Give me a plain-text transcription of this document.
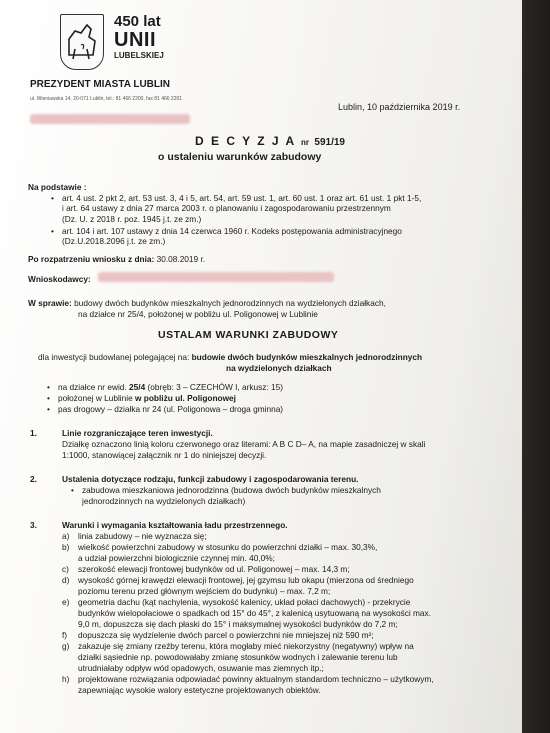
450 lat
UNII
LUBELSKIEJ
PREZYDENT MIASTA LUBLIN
ul. Wieniawska 14, 20-071 Lublin, tel.: 81 466 2200, fax 81 466 2201
Lublin, 10 października 2019 r.
D E C Y Z J A nr 591/19
o ustaleniu warunków zabudowy
Na podstawie :
• art. 4 ust. 2 pkt 2, art. 53 ust. 3, 4 i 5, art. 54, art. 59 ust. 1, art. 60 ust. 1 oraz art. 61 ust. 1 pkt 1-5,
i art. 64 ustawy z dnia 27 marca 2003 r. o planowaniu i zagospodarowaniu przestrzennym
(Dz. U. z 2018 r. poz. 1945 j.t. ze zm.)
• art. 104 i art. 107 ustawy z dnia 14 czerwca 1960 r. Kodeks postępowania administracyjnego
(Dz.U.2018.2096 j.t. ze zm.)
Po rozpatrzeniu wniosku z dnia: 30.08.2019 r.
Wnioskodawcy:
W sprawie: budowy dwóch budynków mieszkalnych jednorodzinnych na wydzielonych działkach,
na działce nr 25/4, położonej w pobliżu ul. Poligonowej w Lublinie
USTALAM WARUNKI ZABUDOWY
dla inwestycji budowlanej polegającej na: budowie dwóch budynków mieszkalnych jednorodzinnych
na wydzielonych działkach
• na działce nr ewid. 25/4 (obręb: 3 – CZECHÓW I, arkusz: 15)
• położonej w Lublinie w pobliżu ul. Poligonowej
• pas drogowy – działka nr 24 (ul. Poligonowa – droga gminna)
1.	Linie rozgraniczające teren inwestycji.
Działkę oznaczono linią koloru czerwonego oraz literami: A B C D– A, na mapie zasadniczej w skali
1:1000, stanowiącej załącznik nr 1 do niniejszej decyzji.
2.	Ustalenia dotyczące rodzaju, funkcji zabudowy i zagospodarowania terenu.
• zabudowa mieszkaniowa jednorodzinna (budowa dwóch budynków mieszkalnych
jednorodzinnych na wydzielonych działkach)
3.	Warunki i wymagania kształtowania ładu przestrzennego.
a) linia zabudowy – nie wyznacza się;
b) wielkość powierzchni zabudowy w stosunku do powierzchni działki – max. 30,3%,
a udział powierzchni biologicznie czynnej min. 40,0%;
c) szerokość elewacji frontowej budynków od ul. Poligonowej – max. 14,3 m;
d) wysokość górnej krawędzi elewacji frontowej, jej gzymsu lub okapu (mierzona od średniego
poziomu terenu przed głównym wejściem do budynku) – max. 7,2 m;
e) geometria dachu (kąt nachylenia, wysokość kalenicy, układ połaci dachowych) - przekrycie
budynków wielopołaciowe o spadkach od 15° do 45°, z kalenicą usytuowaną na wysokości max.
9,0 m, dopuszcza się dach płaski do 15° i maksymalnej wysokości budynków do 7,2 m;
f) dopuszcza się wydzielenie dwóch parcel o powierzchni nie mniejszej niż 590 m²;
g) zakazuje się zmiany rzeźby terenu, która mogłaby mieć niekorzystny (negatywny) wpływ na
działki sąsiednie np. powodowałaby zmianę stosunków wodnych i zalewanie terenu lub
utrudniałaby odpływ wód opadowych, osuwanie mas ziemnych itp.;
h) projektowane rozwiązania odpowiadać powinny aktualnym standardom techniczno – użytkowym,
zapewniając wysokie walory estetyczne projektowanych obiektów.
